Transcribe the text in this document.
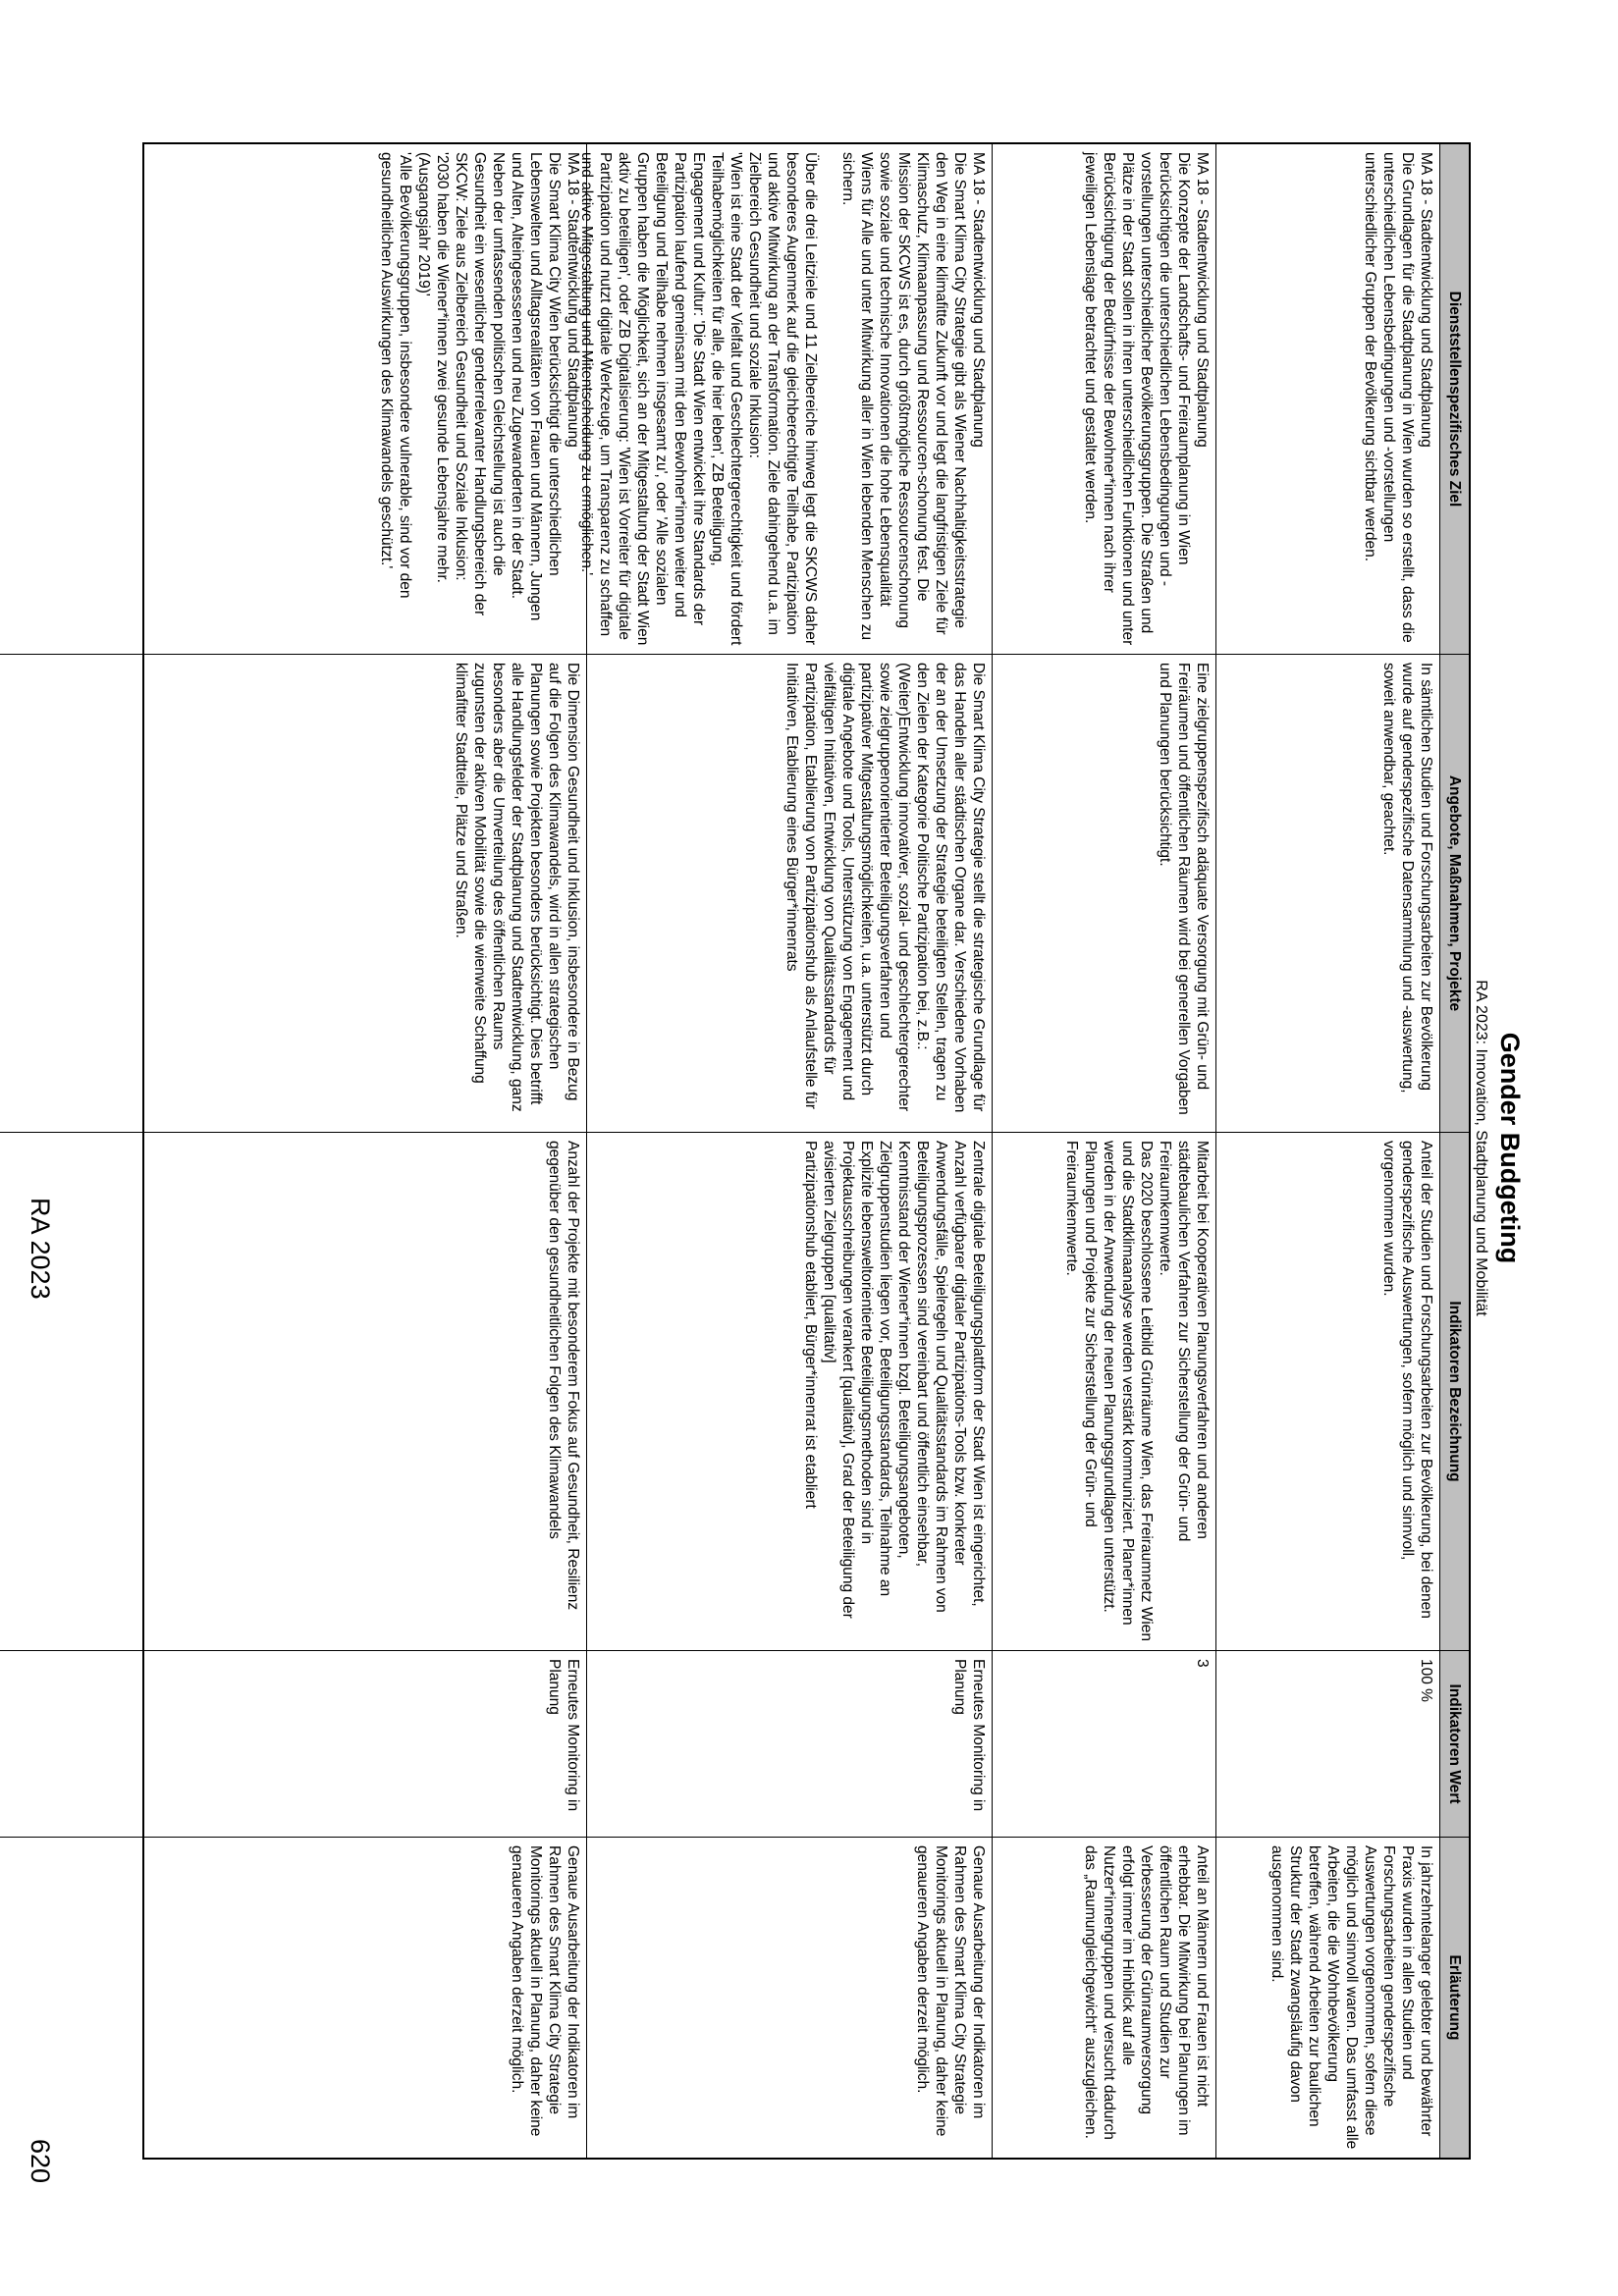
Gender Budgeting
RA 2023: Innovation, Stadtplanung und Mobilität
Dienststellenspezifisches Ziel
Angebote, Maßnahmen, Projekte
Indikatoren Bezeichnung
Indikatoren Wert
Erläuterung
MA 18 - Stadtentwicklung und Stadtplanung
Die Grundlagen für die Stadtplanung in Wien wurden so erstellt, dass die unterschiedlichen Lebensbedingungen und -vorstellungen unterschiedlicher Gruppen der Bevölkerung sichtbar werden.
In sämtlichen Studien und Forschungsarbeiten zur Bevölkerung wurde auf genderspezifische Datensammlung und -auswertung, soweit anwendbar, geachtet.
Anteil der Studien und Forschungsarbeiten zur Bevölkerung, bei denen genderspezifische Auswertungen, sofern möglich und sinnvoll, vorgenommen wurden.
100 %
In jahrzehntelanger gelebter und bewährter Praxis wurden in allen Studien und Forschungsarbeiten genderspezifische Auswertungen vorgenommen, sofern diese möglich und sinnvoll waren. Das umfasst alle Arbeiten, die die Wohnbevölkerung betreffen, während Arbeiten zur baulichen Struktur der Stadt zwangsläufig davon ausgenommen sind.
MA 18 - Stadtentwicklung und Stadtplanung
Die Konzepte der Landschafts- und Freiraumplanung in Wien berücksichtigen die unterschiedlichen Lebensbedingungen und -vorstellungen unterschiedlicher Bevölkerungsgruppen. Die Straßen und Plätze in der Stadt sollen in ihren unterschiedlichen Funktionen und unter Berücksichtigung der Bedürfnisse der Bewohner*innen nach ihrer jeweiligen Lebenslage betrachtet und gestaltet werden.
Eine zielgruppenspezifisch adäquate Versorgung mit Grün- und Freiräumen und öffentlichen Räumen wird bei generellen Vorgaben und Planungen berücksichtigt.
Mitarbeit bei Kooperativen Planungsverfahren und anderen städtebaulichen Verfahren zur Sicherstellung der Grün- und Freiraumkennwerte.
Das 2020 beschlossene Leitbild Grünräume Wien, das Freiraumnetz Wien und die Stadtklimaanalyse werden verstärkt kommuniziert. Planer*innen werden in der Anwendung der neuen Planungsgrundlagen unterstützt. Planungen und Projekte zur Sicherstellung der Grün- und Freiraumkennwerte.
3
Anteil an Männern und Frauen ist nicht erhebbar. Die Mitwirkung bei Planungen im öffentlichen Raum und Studien zur Verbesserung der Grünraumversorgung erfolgt immer im Hinblick auf alle Nutzer*innengruppen und versucht dadurch das „Raumungleichgewicht“ auszugleichen.
MA 18 - Stadtentwicklung und Stadtplanung
Die Smart Klima City Strategie gibt als Wiener Nachhaltigkeitsstrategie den Weg in eine klimafitte Zukunft vor und legt die langfristigen Ziele für Klimaschutz, Klimaanpassung und Ressourcen-schonung fest. Die Mission der SKCWS ist es, durch größtmögliche Ressourcenschonung sowie soziale und technische Innovationen die hohe Lebensqualität Wiens für Alle und unter Mitwirkung aller in Wien lebenden Menschen zu sichern.

Über die drei Leitziele und 11 Zielbereiche hinweg legt die SKCWS daher besonderes Augenmerk auf die gleichberechtigte Teilhabe, Partizipation und aktive Mitwirkung an der Transformation. Ziele dahingehend u.a. im Zielbereich Gesundheit und soziale Inklusion:
'Wien ist eine Stadt der Vielfalt und Geschlechtergerechtigkeit und fördert Teilhabemöglichkeiten für alle, die hier leben', ZB Beteiligung, Engagement und Kultur: 'Die Stadt Wien entwickelt ihre Standards der Partizipation laufend gemeinsam mit den Bewohner*innen weiter und Beteiligung und Teilhabe nehmen insgesamt zu', oder 'Alle sozialen Gruppen haben die Möglichkeit, sich an der Mitgestaltung der Stadt Wien aktiv zu beteiligen', oder ZB Digitalisierung: 'Wien ist Vorreiter für digitale Partizipation und nutzt digitale Werkzeuge, um Transparenz zu schaffen und aktive Mitgestaltung und Mitentscheidung zu ermöglichen.'
Die Smart Klima City Strategie stellt die strategische Grundlage für das Handeln aller städtischen Organe dar. Verschiedene Vorhaben der an der Umsetzung der Strategie beteiligten Stellen, tragen zu den Zielen der Kategorie Politische Partizipation bei, z.B.: (Weiter)Entwicklung innovativer, sozial- und geschlechtergerechter sowie zielgruppenorientierter Beteiligungsverfahren und partizipativer Mitgestaltungsmöglichkeiten, u.a. unterstützt durch digitale Angebote und Tools, Unterstützung von Engagement und vielfältigen Initiativen, Entwicklung von Qualitätsstandards für Partizipation, Etablierung von Partizipationshub als Anlaufstelle für Initiativen, Etablierung eines Bürger*innenrats
Zentrale digitale Beteiligungsplattform der Stadt Wien ist eingerichtet, Anzahl verfügbarer digitaler Partizipations-Tools bzw. konkreter Anwendungsfälle, Spielregeln und Qualitätsstandards im Rahmen von Beteiligungsprozessen sind vereinbart und öffentlich einsehbar, Kenntnisstand der Wiener*innen bzgl. Beteiligungsangeboten, Zielgruppenstudien liegen vor, Beteiligungsstandards, Teilnahme an Explizite lebensweltorientierte Beteiligungsmethoden sind in Projektausschreibungen verankert [qualitativ], Grad der Beteiligung der avisierten Zielgruppen [qualitativ]
Partizipationshub etabliert, Bürger*innenrat ist etabliert
Erneutes Monitoring in Planung
Genaue Ausarbeitung der Indikatoren im Rahmen des Smart Klima City Strategie Monitorings aktuell in Planung, daher keine genaueren Angaben derzeit möglich.
MA 18 - Stadtentwicklung und Stadtplanung
Die Smart Klima City Wien berücksichtigt die unterschiedlichen Lebenswelten und Alltagsrealitäten von Frauen und Männern, Jungen und Alten, Alteingesessenen und neu Zugewanderten in der Stadt. Neben der umfassenden politischen Gleichstellung ist auch die Gesundheit ein wesentlicher genderrelevanter Handlungsbereich der SKCW: Ziele aus Zielbereich Gesundheit und Soziale Inklusion:
'2030 haben die Wiener*innen zwei gesunde Lebensjahre mehr. (Ausgangsjahr 2019)'
'Alle Bevölkerungsgruppen, insbesondere vulnerable, sind vor den gesundheitlichen Auswirkungen des Klimawandels geschützt.'
Die Dimension Gesundheit und Inklusion, insbesondere in Bezug auf die Folgen des Klimawandels, wird in allen strategischen Planungen sowie Projekten besonders berücksichtigt. Dies betrifft alle Handlungsfelder der Stadtplanung und Stadtentwicklung, ganz besonders aber die Umverteilung des öffentlichen Raums zugunsten der aktiven Mobilität sowie die wienweite Schaffung klimafitter Stadtteile, Plätze und Straßen.
Anzahl der Projekte mit besonderem Fokus auf Gesundheit, Resilienz gegenüber den gesundheitlichen Folgen des Klimawandels
Erneutes Monitoring in Planung
Genaue Ausarbeitung der Indikatoren im Rahmen des Smart Klima City Strategie Monitorings aktuell in Planung, daher keine genaueren Angaben derzeit möglich.
RA 2023
620
